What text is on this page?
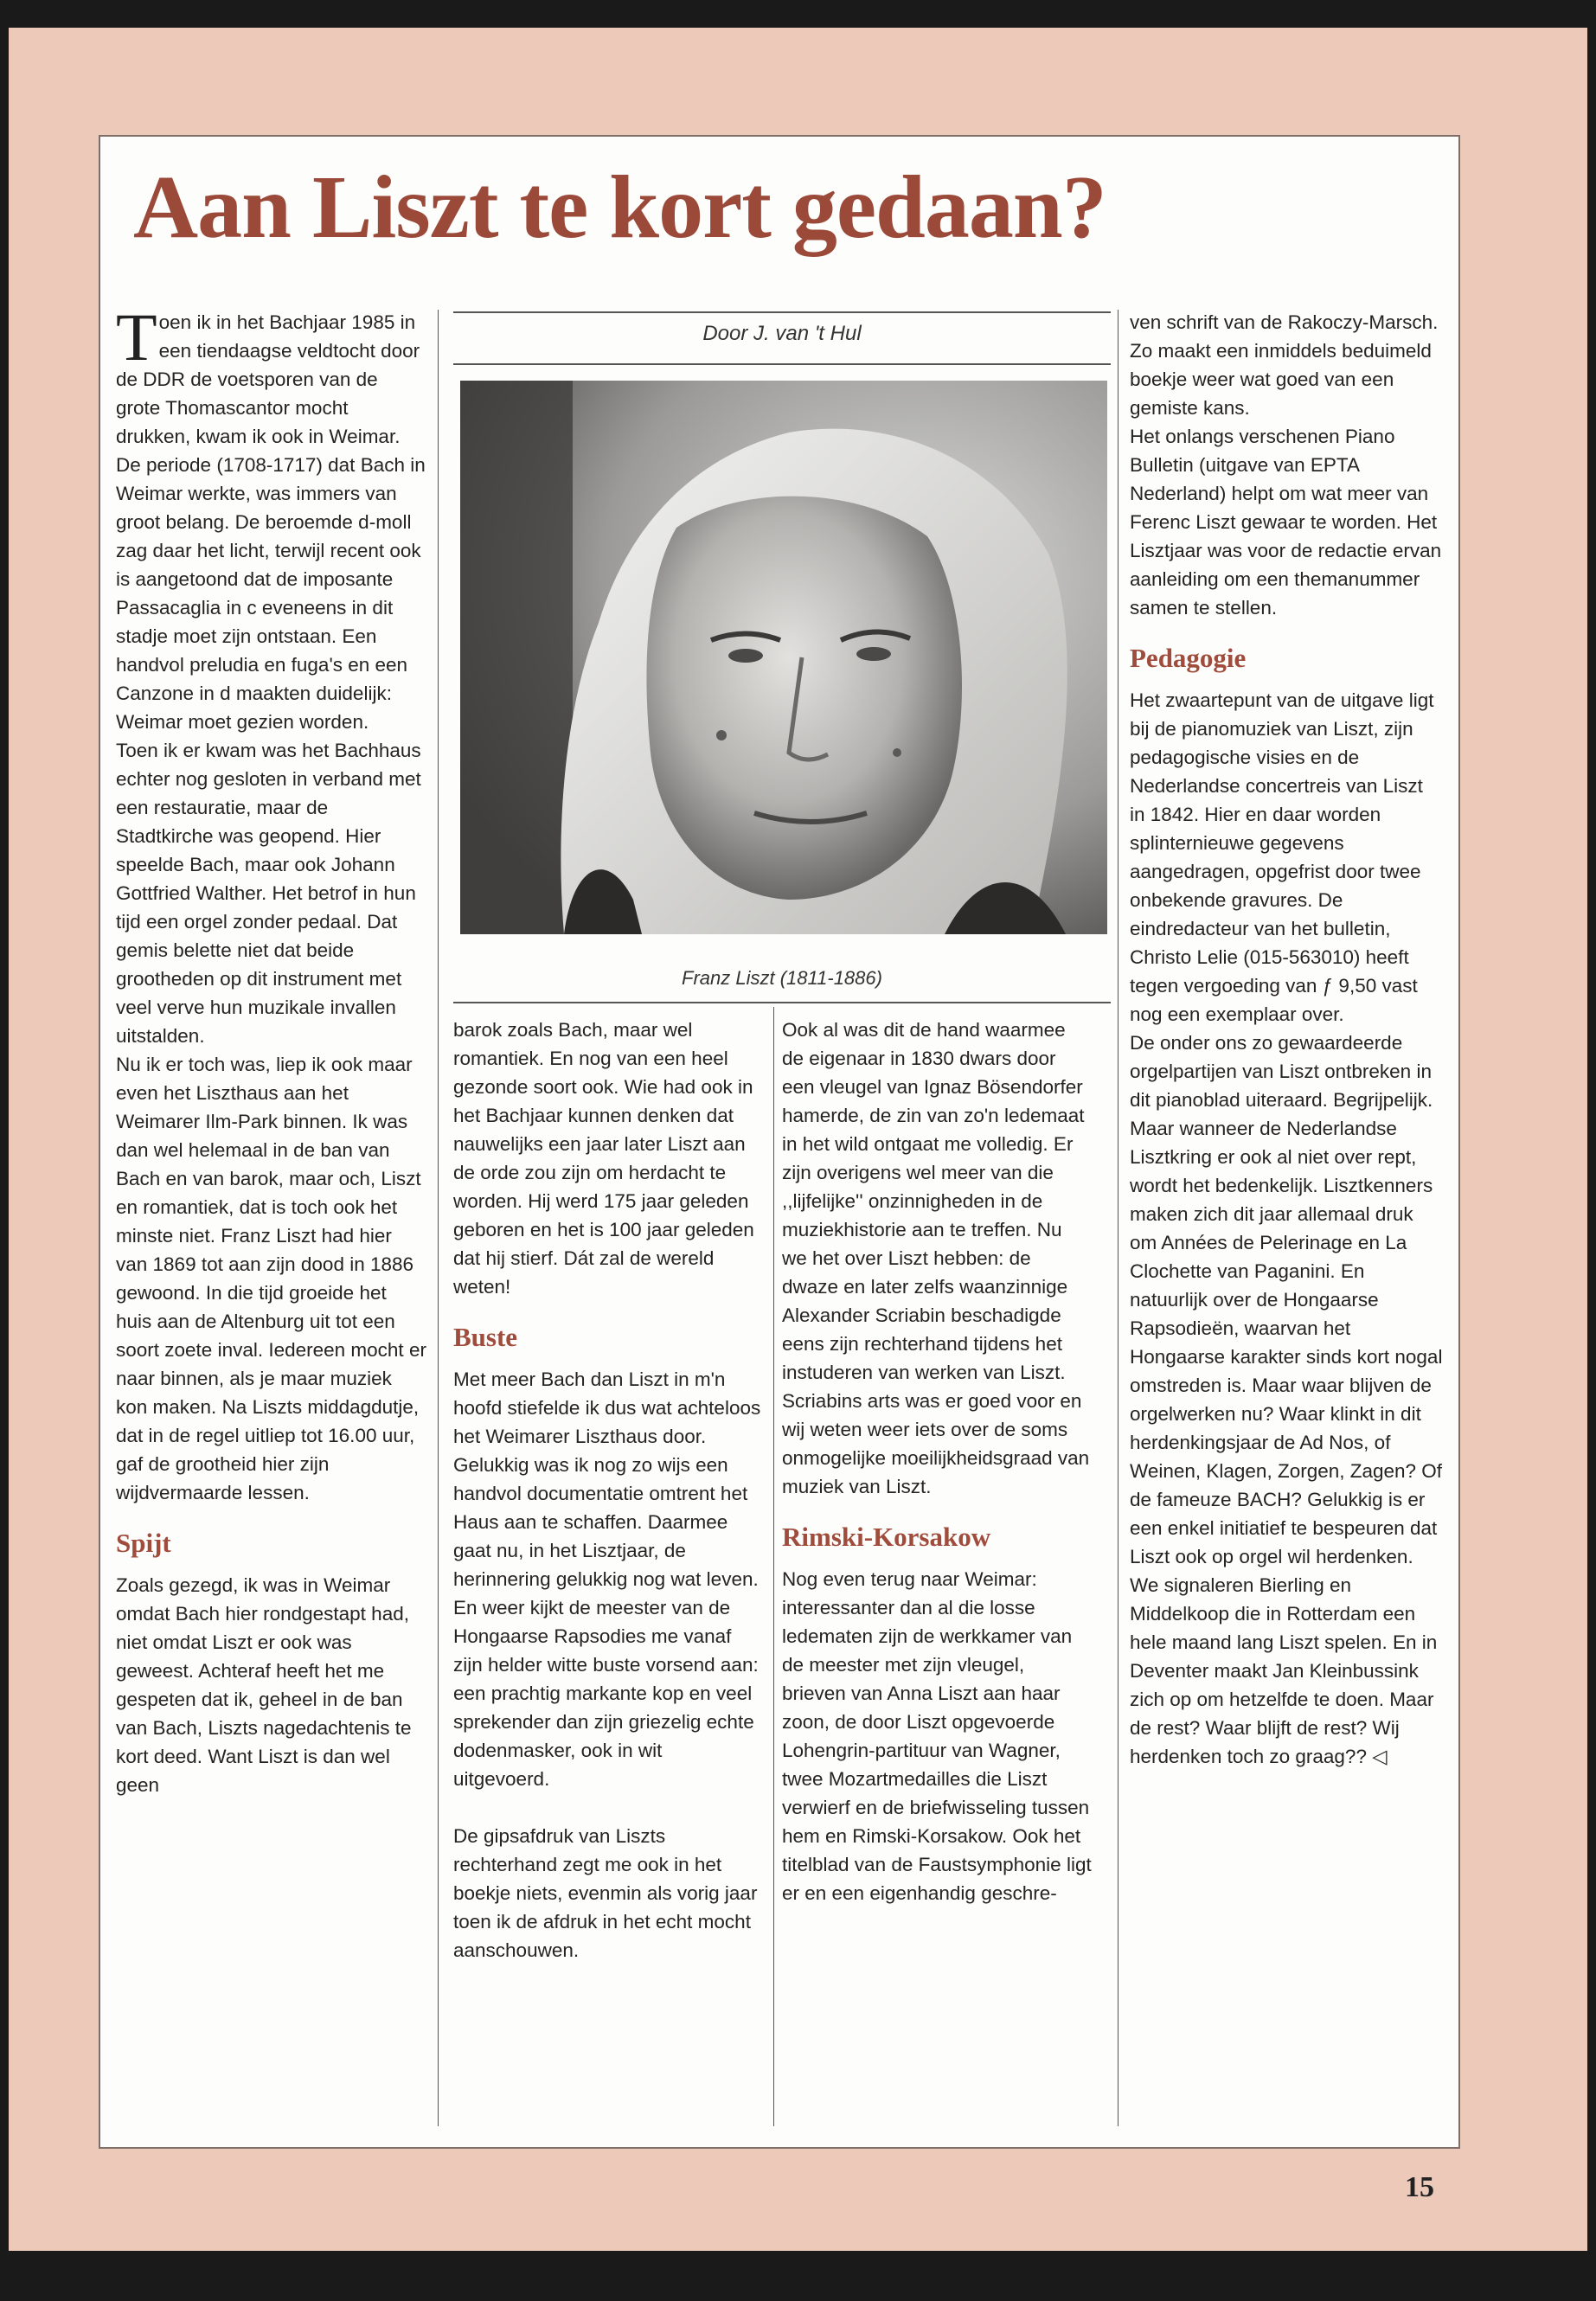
Aan Liszt te kort gedaan?

Toen ik in het Bachjaar 1985 in een tiendaagse veldtocht door de DDR de voetsporen van de grote Thomascantor mocht drukken, kwam ik ook in Weimar. De periode (1708-1717) dat Bach in Weimar werkte, was immers van groot belang. De beroemde d-moll zag daar het licht, terwijl recent ook is aangetoond dat de imposante Passacaglia in c eveneens in dit stadje moet zijn ontstaan. Een handvol preludia en fuga's en een Canzone in d maakten duidelijk: Weimar moet gezien worden.

Toen ik er kwam was het Bachhaus echter nog gesloten in verband met een restauratie, maar de Stadtkirche was geopend. Hier speelde Bach, maar ook Johann Gottfried Walther. Het betrof in hun tijd een orgel zonder pedaal. Dat gemis belette niet dat beide grootheden op dit instrument met veel verve hun muzikale invallen uitstalden.

Nu ik er toch was, liep ik ook maar even het Liszthaus aan het Weimarer Ilm-Park binnen. Ik was dan wel helemaal in de ban van Bach en van barok, maar och, Liszt en romantiek, dat is toch ook het minste niet. Franz Liszt had hier van 1869 tot aan zijn dood in 1886 gewoond. In die tijd groeide het huis aan de Altenburg uit tot een soort zoete inval. Iedereen mocht er naar binnen, als je maar muziek kon maken. Na Liszts middagdutje, dat in de regel uitliep tot 16.00 uur, gaf de grootheid hier zijn wijdvermaarde lessen.

Spijt

Zoals gezegd, ik was in Weimar omdat Bach hier rondgestapt had, niet omdat Liszt er ook was geweest. Achteraf heeft het me gespeten dat ik, geheel in de ban van Bach, Liszts nagedachtenis te kort deed. Want Liszt is dan wel geen

Door J. van 't Hul
Franz Liszt (1811-1886)

barok zoals Bach, maar wel romantiek. En nog van een heel gezonde soort ook. Wie had ook in het Bachjaar kunnen denken dat nauwelijks een jaar later Liszt aan de orde zou zijn om herdacht te worden. Hij werd 175 jaar geleden geboren en het is 100 jaar geleden dat hij stierf. Dát zal de wereld weten!

Buste

Met meer Bach dan Liszt in m'n hoofd stiefelde ik dus wat achteloos het Weimarer Liszthaus door. Gelukkig was ik nog zo wijs een handvol documentatie omtrent het Haus aan te schaffen. Daarmee gaat nu, in het Lisztjaar, de herinnering gelukkig nog wat leven. En weer kijkt de meester van de Hongaarse Rapsodies me vanaf zijn helder witte buste vorsend aan: een prachtig markante kop en veel sprekender dan zijn griezelig echte dodenmasker, ook in wit uitgevoerd.

De gipsafdruk van Liszts rechterhand zegt me ook in het boekje niets, evenmin als vorig jaar toen ik de afdruk in het echt mocht aanschouwen.

Ook al was dit de hand waarmee de eigenaar in 1830 dwars door een vleugel van Ignaz Bösendorfer hamerde, de zin van zo'n ledemaat in het wild ontgaat me volledig. Er zijn overigens wel meer van die ,,lijfelijke'' onzinnigheden in de muziekhistorie aan te treffen. Nu we het over Liszt hebben: de dwaze en later zelfs waanzinnige Alexander Scriabin beschadigde eens zijn rechterhand tijdens het instuderen van werken van Liszt. Scriabins arts was er goed voor en wij weten weer iets over de soms onmogelijke moeilijkheidsgraad van muziek van Liszt.

Rimski-Korsakow

Nog even terug naar Weimar: interessanter dan al die losse ledematen zijn de werkkamer van de meester met zijn vleugel, brieven van Anna Liszt aan haar zoon, de door Liszt opgevoerde Lohengrin-partituur van Wagner, twee Mozartmedailles die Liszt verwierf en de briefwisseling tussen hem en Rimski-Korsakow. Ook het titelblad van de Faustsymphonie ligt er en een eigenhandig geschre-

ven schrift van de Rakoczy-Marsch. Zo maakt een inmiddels beduimeld boekje weer wat goed van een gemiste kans.

Het onlangs verschenen Piano Bulletin (uitgave van EPTA Nederland) helpt om wat meer van Ferenc Liszt gewaar te worden. Het Lisztjaar was voor de redactie ervan aanleiding om een themanummer samen te stellen.

Pedagogie

Het zwaartepunt van de uitgave ligt bij de pianomuziek van Liszt, zijn pedagogische visies en de Nederlandse concertreis van Liszt in 1842. Hier en daar worden splinternieuwe gegevens aangedragen, opgefrist door twee onbekende gravures. De eindredacteur van het bulletin, Christo Lelie (015-563010) heeft tegen vergoeding van ƒ 9,50 vast nog een exemplaar over.

De onder ons zo gewaardeerde orgelpartijen van Liszt ontbreken in dit pianoblad uiteraard. Begrijpelijk. Maar wanneer de Nederlandse Lisztkring er ook al niet over rept, wordt het bedenkelijk. Lisztkenners maken zich dit jaar allemaal druk om Années de Pelerinage en La Clochette van Paganini. En natuurlijk over de Hongaarse Rapsodieën, waarvan het Hongaarse karakter sinds kort nogal omstreden is. Maar waar blijven de orgelwerken nu? Waar klinkt in dit herdenkingsjaar de Ad Nos, of Weinen, Klagen, Zorgen, Zagen? Of de fameuze BACH? Gelukkig is er een enkel initiatief te bespeuren dat Liszt ook op orgel wil herdenken. We signaleren Bierling en Middelkoop die in Rotterdam een hele maand lang Liszt spelen. En in Deventer maakt Jan Kleinbussink zich op om hetzelfde te doen. Maar de rest? Waar blijft de rest? Wij herdenken toch zo graag?? ◁

15
